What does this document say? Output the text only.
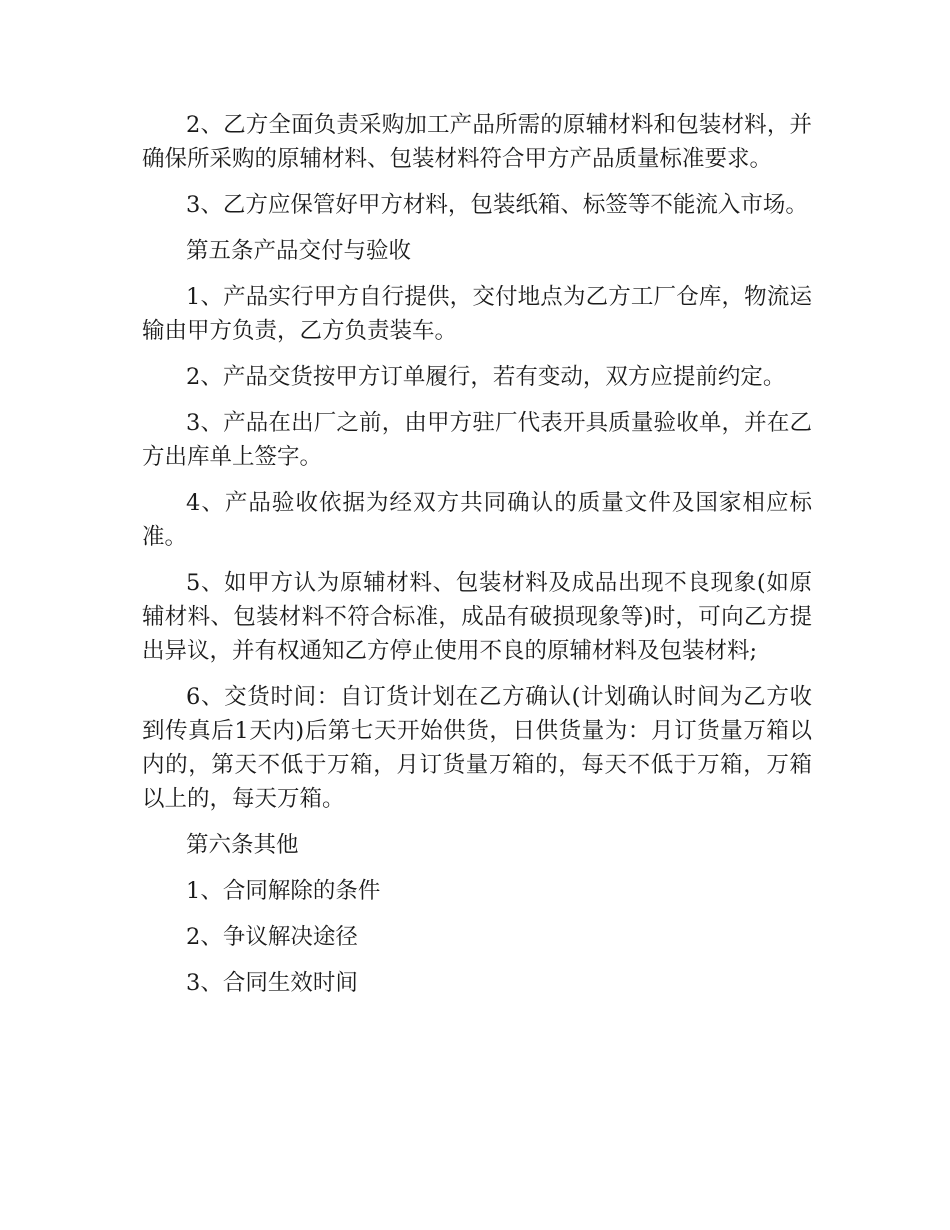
2、乙方全面负责采购加工产品所需的原辅材料和包装材料，并确保所采购的原辅材料、包装材料符合甲方产品质量标准要求。

3、乙方应保管好甲方材料，包装纸箱、标签等不能流入市场。

第五条产品交付与验收

1、产品实行甲方自行提供，交付地点为乙方工厂仓库，物流运输由甲方负责，乙方负责装车。

2、产品交货按甲方订单履行，若有变动，双方应提前约定。

3、产品在出厂之前，由甲方驻厂代表开具质量验收单，并在乙方出库单上签字。

4、产品验收依据为经双方共同确认的质量文件及国家相应标准。

5、如甲方认为原辅材料、包装材料及成品出现不良现象(如原辅材料、包装材料不符合标准，成品有破损现象等)时，可向乙方提出异议，并有权通知乙方停止使用不良的原辅材料及包装材料;

6、交货时间：自订货计划在乙方确认(计划确认时间为乙方收到传真后1天内)后第七天开始供货，日供货量为：月订货量万箱以内的，第天不低于万箱，月订货量万箱的，每天不低于万箱，万箱以上的，每天万箱。

第六条其他

1、合同解除的条件

2、争议解决途径

3、合同生效时间
